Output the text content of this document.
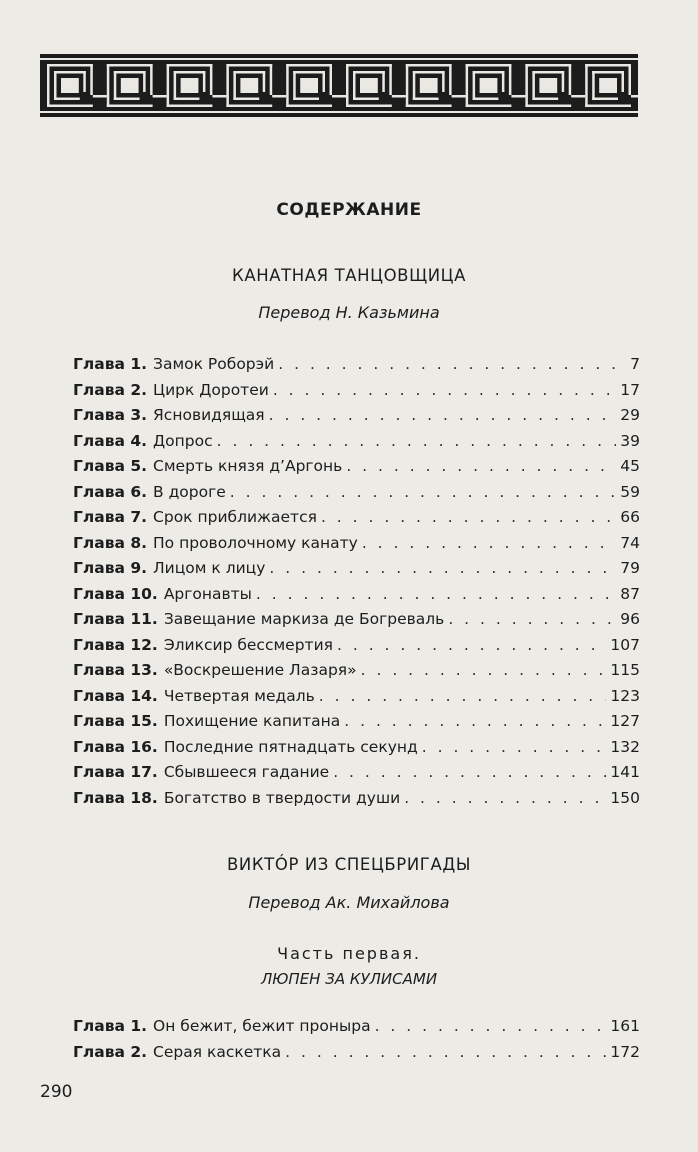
СОДЕРЖАНИЕ
КАНАТНАЯ ТАНЦОВЩИЦА
Перевод Н. Казьмина
Глава 1. Замок Роборэй . . .	7
Глава 2. Цирк Доротеи . . .	17
Глава 3. Ясновидящая . . .	29
Глава 4. Допрос . . .	39
Глава 5. Смерть князя д’Аргонь . . .	45
Глава 6. В дороге . . .	59
Глава 7. Срок приближается . . .	66
Глава 8. По проволочному канату . . .	74
Глава 9. Лицом к лицу . . .	79
Глава 10. Аргонавты . . .	87
Глава 11. Завещание маркиза де Богреваль . . .	96
Глава 12. Эликсир бессмертия . . .	107
Глава 13. «Воскрешение Лазаря» . . .	115
Глава 14. Четвертая медаль . . .	123
Глава 15. Похищение капитана . . .	127
Глава 16. Последние пятнадцать секунд . . .	132
Глава 17. Сбывшееся гадание . . .	141
Глава 18. Богатство в твердости души . . .	150
ВИКТÓР ИЗ СПЕЦБРИГАДЫ
Перевод Ак. Михайлова
Часть первая.
ЛЮПЕН ЗА КУЛИСАМИ
Глава 1. Он бежит, бежит проныра . . .	161
Глава 2. Серая каскетка . . .	172
290
